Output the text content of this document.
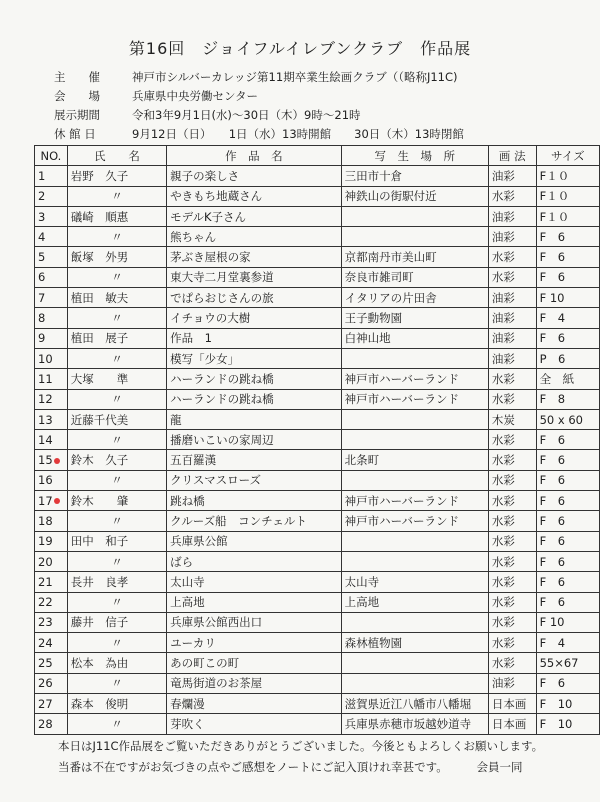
第16回　ジョイフルイレブンクラブ　作品展
主　　催	神戸市シルバーカレッジ第11期卒業生絵画クラブ（（略称J11C)
会　　場	兵庫県中央労働センター
展示期間	令和3年9月1日(水)～30日（木）9時～21時
休 館 日	9月12日（日）　　1日（水）13時開館　　30日（木）13時閉館
NO.	氏　　名	作　品　名	写　生　場　所	画 法	サイズ
1	岩野　久子	親子の楽しさ	三田市十倉	油彩	F１０
2	〃	やきもち地蔵さん	神鉄山の街駅付近	水彩	F１０
3	礒崎　順惠	モデルK子さん		油彩	F１０
4	〃	熊ちゃん		油彩	F　6
5	飯塚　外男	茅ぶき屋根の家	京都南丹市美山町	水彩	F　6
6	〃	東大寺二月堂裏参道	奈良市雑司町	水彩	F　6
7	植田　敏夫	でぱらおじさんの旅	イタリアの片田舎	油彩	F 10
8	〃	イチョウの大樹	王子動物園	油彩	F　4
9	植田　展子	作品　1	白神山地	油彩	F　6
10	〃	模写「少女」		油彩	P　6
11	大塚　　準	ハーランドの跳ね橋	神戸市ハーバーランド	水彩	全　紙
12	〃	ハーランドの跳ね橋	神戸市ハーバーランド	水彩	F　8
13	近藤千代美	龍		木炭	50 x 60
14	〃	播磨いこいの家周辺		水彩	F　6
15	鈴木　久子	五百羅漢	北条町	水彩	F　6
16	〃	クリスマスローズ		水彩	F　6
17	鈴木　　肇	跳ね橋	神戸市ハーバーランド	水彩	F　6
18	〃	クルーズ船　コンチェルト	神戸市ハーバーランド	水彩	F　6
19	田中　和子	兵庫県公館		水彩	F　6
20	〃	ばら		水彩	F　6
21	長井　良孝	太山寺	太山寺	水彩	F　6
22	〃	上高地	上高地	水彩	F　6
23	藤井　信子	兵庫県公館西出口		水彩	F 10
24	〃	ユーカリ	森林植物園	水彩	F　4
25	松本　為由	あの町この町		水彩	55×67
26	〃	竜馬街道のお茶屋		油彩	F　6
27	森本　俊明	春爛漫	滋賀県近江八幡市八幡堀	日本画	F　10
28	〃	芽吹く	兵庫県赤穂市坂越妙道寺	日本画	F　10
本日はJ11C作品展をご覧いただきありがとうございました。今後ともよろしくお願いします。
当番は不在ですがお気づきの点やご感想をノートにご記入頂けれ幸甚です。　　　会員一同
